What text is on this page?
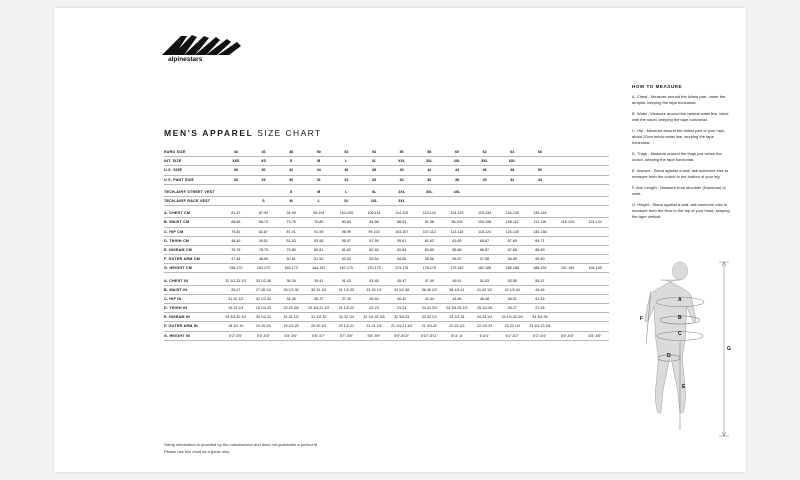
alpinestars
MEN'S APPAREL SIZE CHART
EURO SIZE	44	46	48	50	52	54	56	58	60	62	64	66		
INT. SIZE	XXS	XS	S	M	L	XL	XXL	3XL	4XL	5XL	6XL			
U.S. SIZE	28	30	32	34	36	38	40	42	44	46	48	50		
U.S. PANT SIZE	28	29	30	31	32	33	34	36	38	40	42	44		

TECH-AIR® STREET VEST			S	M	L	XL	2XL	3XL	4XL					
TECH-AIR® RACE VEST		S	M	L	XL	2XL	3XL							

A. CHEST CM	81-87	87-94	94-99	99-104	104-109	109-114	114-119	119-124	124-129	129-134	134-139	139-144		
B. WAIST CM	66-68	68-73	73-76	76-80	80-84	84-88	88-91	91-98	98-104	104-108	108-112	112-116	116-124	124-134
C. HIP CM	79-82	82-87	87-91	91-95	95-99	99-103	103-107	107-113	113-118	118-124	124-130	130-136		
D. THIGH CM	48-49	49-51	51-53	53-55	55-57	57-59	59-61	61-63	63-65	65-67	67-69	69-71		
E. INSEAM CM	76-78	78-79	79-80	80-81	81-82	82-83	83-84	84-85	85-86	86-87	87-88	88-89		
F. OUTER ARM CM	47-48	48-50	50-51	51-52	52-53	53-54	54-55	55-56	56-57	57-58	58-59	59-60		
G. HEIGHT CM	158-170	163-173	163-173	164-167	167-170	170-173	173-176	176-179	179-182	182-185	185-188	188-191	191-194	194-199

A. CHEST IN	32 1/2-33 1/2	33 1/2-36	36-39	39-41	41-43	43-45	45-47	47-49	49-51	51-53	53-55	55-57		
B. WAIST IN	26-27	27-28 1/2	28 1/2-30	30-31 1/2	31 1/2-33	33-34 1/2	34 1/2-36	36-38 1/2	38 1/2-41	41-42 1/2	42 1/2-44	44-46		
C. HIP IN	31-32 1/2	32 1/2-34	34-36	36-37	37-39	39-40	40-42	42-44	44-46	46-48	48-51	51-53		
D. THIGH IN	19-19 1/4	19 1/4-20	20-20 3/4	20 3/4-21 1/2	21 1/2-22	22-23	23-24	24-24 3/4	24 3/4-25 1/2	25 1/2-26	26-27	27-28		
E. INSEAM IN	29 3/4-30 1/2	30 1/2-31	31-31 1/2	31 1/2-32	32-32 1/4	32 1/4-32 3/4	32 3/4-33	33-33 1/2	33 1/2-34	34-34 1/4	34 1/4-34 3/4	34 3/4-35		
F. OUTER ARM IN	18 1/2-19	19-19 1/2	19 1/2-20	20-20 1/2	20 1/2-21	21-21 1/4	21 1/4-21 3/4	21 3/4-22	22-22 1/2	22 1/2-23	23-23 1/4	23 1/4-23 3/4		
G. HEIGHT IN	5'2"-5'5"	5'4"-5'5"	5'5"-5'6"	5'6"-5'7"	5'7"-5'8"	5'8"-5'9"	5'9"-5'10"	5'10"-5'11"	5'11"-6'	6'-6'1"	6'1"-6'2"	6'2"-6'4"	6'4"-6'5"	6'5"-6'6"
HOW TO MEASURE

A. Chest - Measure around the fullest part, under the armpits, keeping the tape horizontal.

B. Waist - Measure around the natural waist line, inline with the navel, keeping the tape horizontal.

C. Hip - Measure around the fullest part of your hips, about 20cm below waist line, keeping the tape horizontal.

D. Thigh - Measure around the thigh just below the crotch, keeping the tape horizontal.

E. Inseam - Stand against a wall, ask someone else to measure from the crotch to the bottom of your leg.

F. Arm Length - Measure from shoulder (Numerus) to wrist.

G. Height - Stand against a wall, ask someone else to measure from the floor to the top of your head, keeping the tape vertical.

A
B
C
D
E
F
G
Sizing information is provided by the manufacturer and does not guarantee a perfect fit.
Please use this chart as a guide only.
